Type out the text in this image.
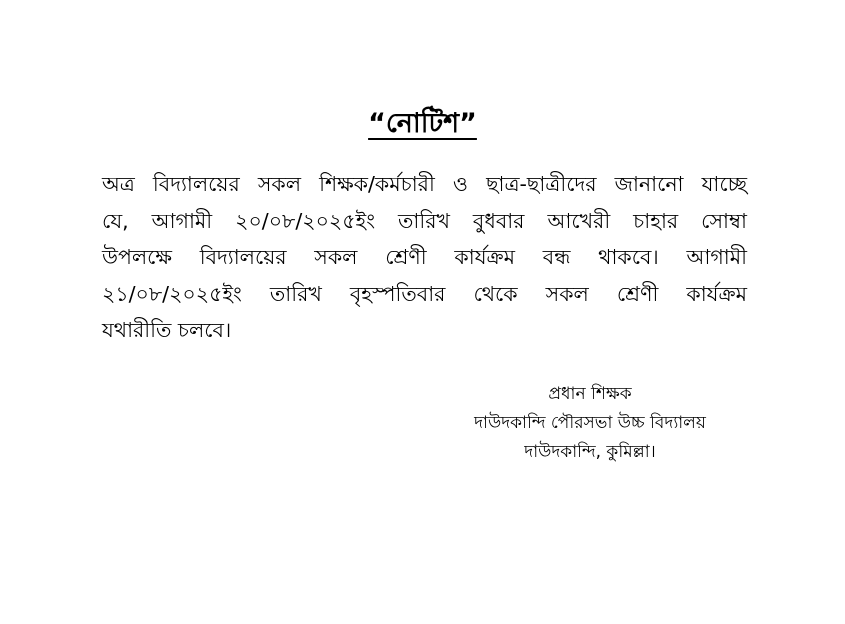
“নোটিশ”
অত্র বিদ্যালয়ের সকল শিক্ষক/কর্মচারী ও ছাত্র-ছাত্রীদের জানানো যাচ্ছে
যে, আগামী ২০/০৮/২০২৫ইং তারিখ বুধবার আখেরী চাহার সোম্বা
উপলক্ষে বিদ্যালয়ের সকল শ্রেণী কার্যক্রম বন্ধ থাকবে। আগামী
২১/০৮/২০২৫ইং তারিখ বৃহস্পতিবার থেকে সকল শ্রেণী কার্যক্রম
যথারীতি চলবে।
প্রধান শিক্ষক
দাউদকান্দি পৌরসভা উচ্চ বিদ্যালয়
দাউদকান্দি, কুমিল্লা।
